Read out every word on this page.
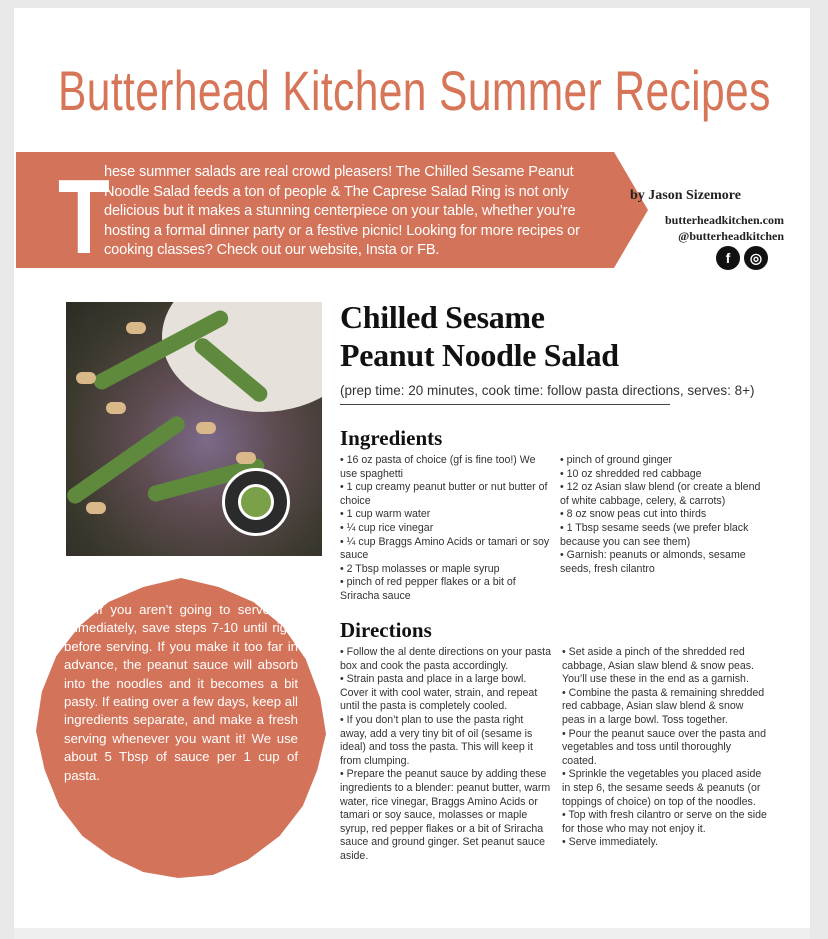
Butterhead Kitchen Summer Recipes
T
hese summer salads are real crowd pleasers! The Chilled Sesame Peanut Noodle Salad feeds a ton of people & The Caprese Salad Ring is not only delicious but it makes a stunning centerpiece on your table, whether you’re hosting a formal dinner party or a festive picnic! Looking for more recipes or cooking classes? Check out our website, Insta or FB.
by Jason Sizemore
butterheadkitchen.com
@butterheadkitchen
f	◎
TIP: If you aren’t going to serve this immediately, save steps 7-10 until right before serving. If you make it too far in advance, the peanut sauce will absorb into the noodles and it becomes a bit pasty. If eating over a few days, keep all ingredients separate, and make a fresh serving whenever you want it! We use about 5 Tbsp of sauce per 1 cup of pasta.
Chilled Sesame
Peanut Noodle Salad
(prep time: 20 minutes, cook time: follow pasta directions, serves: 8+)
Ingredients
• 16 oz pasta of choice (gf is fine too!) We use spaghetti
• 1 cup creamy peanut butter or nut butter of choice
• 1 cup warm water
• ¼ cup rice vinegar
• ¼ cup Braggs Amino Acids or tamari or soy sauce
• 2 Tbsp molasses or maple syrup
• pinch of red pepper flakes or a bit of Sriracha sauce
• pinch of ground ginger
• 10 oz shredded red cabbage
• 12 oz Asian slaw blend (or create a blend of white cabbage, celery, & carrots)
• 8 oz snow peas cut into thirds
• 1 Tbsp sesame seeds (we prefer black because you can see them)
• Garnish: peanuts or almonds, sesame seeds, fresh cilantro
Directions
• Follow the al dente directions on your pasta box and cook the pasta accordingly.
• Strain pasta and place in a large bowl. Cover it with cool water, strain, and repeat until the pasta is completely cooled.
• If you don’t plan to use the pasta right away, add a very tiny bit of oil (sesame is ideal) and toss the pasta. This will keep it from clumping.
• Prepare the peanut sauce by adding these ingredients to a blender: peanut butter, warm water, rice vinegar, Braggs Amino Acids or tamari or soy sauce, molasses or maple syrup, red pepper flakes or a bit of Sriracha sauce and ground ginger. Set peanut sauce aside.
• Set aside a pinch of the shredded red cabbage, Asian slaw blend & snow peas. You’ll use these in the end as a garnish.
• Combine the pasta & remaining shredded red cabbage, Asian slaw blend & snow peas in a large bowl. Toss together.
• Pour the peanut sauce over the pasta and vegetables and toss until thoroughly coated.
• Sprinkle the vegetables you placed aside in step 6, the sesame seeds & peanuts (or toppings of choice) on top of the noodles.
• Top with fresh cilantro or serve on the side for those who may not enjoy it.
• Serve immediately.
